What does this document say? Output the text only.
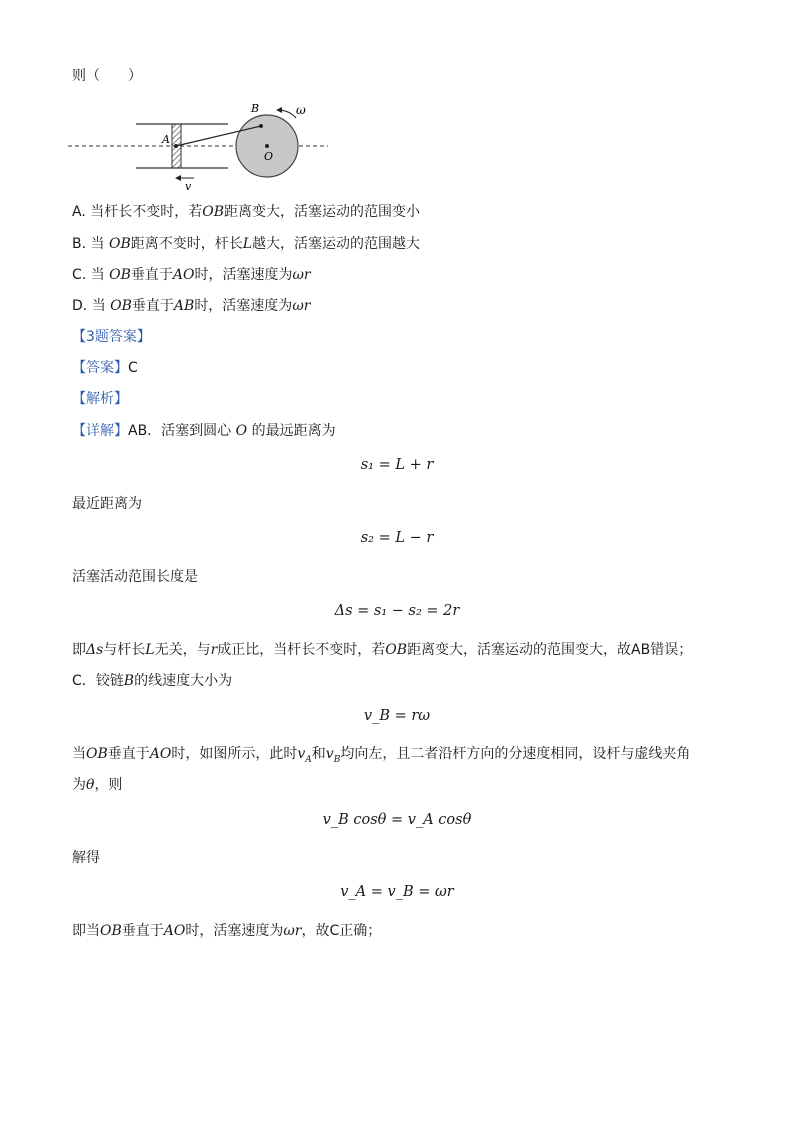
则（　　）
A
B
O
ω
v
A. 当杆长不变时，若OB距离变大，活塞运动的范围变小
B. 当 OB距离不变时，杆长L越大，活塞运动的范围越大
C. 当 OB垂直于AO时，活塞速度为ωr
D. 当 OB垂直于AB时，活塞速度为ωr
【3题答案】
【答案】C
【解析】
【详解】AB．活塞到圆心 O 的最远距离为
s₁ = L + r
最近距离为
s₂ = L − r
活塞活动范围长度是
Δs = s₁ − s₂ = 2r
即Δs与杆长L无关，与r成正比，当杆长不变时，若OB距离变大，活塞运动的范围变大，故AB错误；
C．铰链B的线速度大小为
v_B = rω
当OB垂直于AO时，如图所示，此时$v_A$和$v_B$均向左，且二者沿杆方向的分速度相同，设杆与虚线夹角
为θ，则
v_B cosθ = v_A cosθ
解得
v_A = v_B = ωr
即当OB垂直于AO时，活塞速度为ωr，故C正确；
